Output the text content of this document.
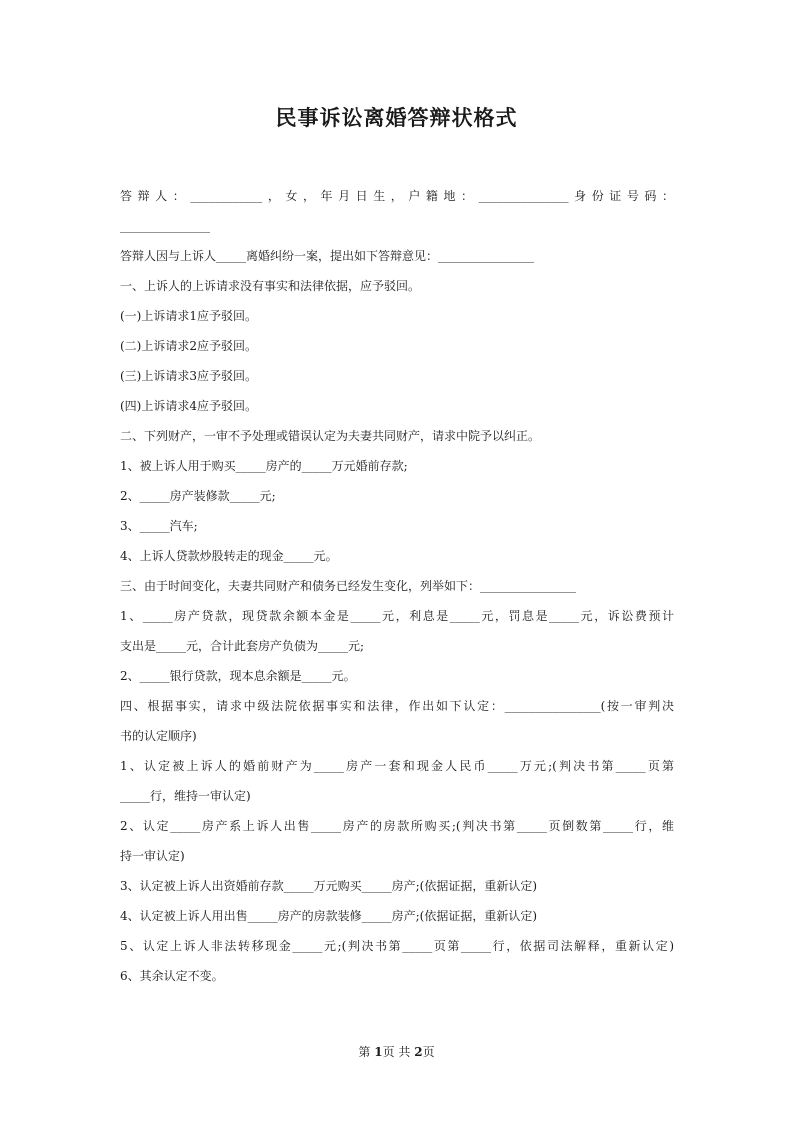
民事诉讼离婚答辩状格式

答辩人：____________，女，年月日生，户籍地：_______________身份证号码：

_______________

答辩人因与上诉人_____离婚纠纷一案，提出如下答辩意见：________________

一、上诉人的上诉请求没有事实和法律依据，应予驳回。

(一)上诉请求1应予驳回。

(二)上诉请求2应予驳回。

(三)上诉请求3应予驳回。

(四)上诉请求4应予驳回。

二、下列财产，一审不予处理或错误认定为夫妻共同财产，请求中院予以纠正。

1、被上诉人用于购买_____房产的_____万元婚前存款;

2、_____房产装修款_____元;

3、_____汽车;

4、上诉人贷款炒股转走的现金_____元。

三、由于时间变化，夫妻共同财产和债务已经发生变化，列举如下：________________

1、_____房产贷款，现贷款余额本金是_____元，利息是_____元，罚息是_____元，诉讼费预计

支出是_____元，合计此套房产负债为_____元;

2、_____银行贷款，现本息余额是_____元。

四、根据事实，请求中级法院依据事实和法律，作出如下认定：________________(按一审判决

书的认定顺序)

1、认定被上诉人的婚前财产为_____房产一套和现金人民币_____万元;(判决书第_____页第

_____行，维持一审认定)

2、认定_____房产系上诉人出售_____房产的房款所购买;(判决书第_____页倒数第_____行，维

持一审认定)

3、认定被上诉人出资婚前存款_____万元购买_____房产;(依据证据，重新认定)

4、认定被上诉人用出售_____房产的房款装修_____房产;(依据证据，重新认定)

5、认定上诉人非法转移现金_____元;(判决书第_____页第_____行，依据司法解释，重新认定)

6、其余认定不变。

第 1页 共 2页
